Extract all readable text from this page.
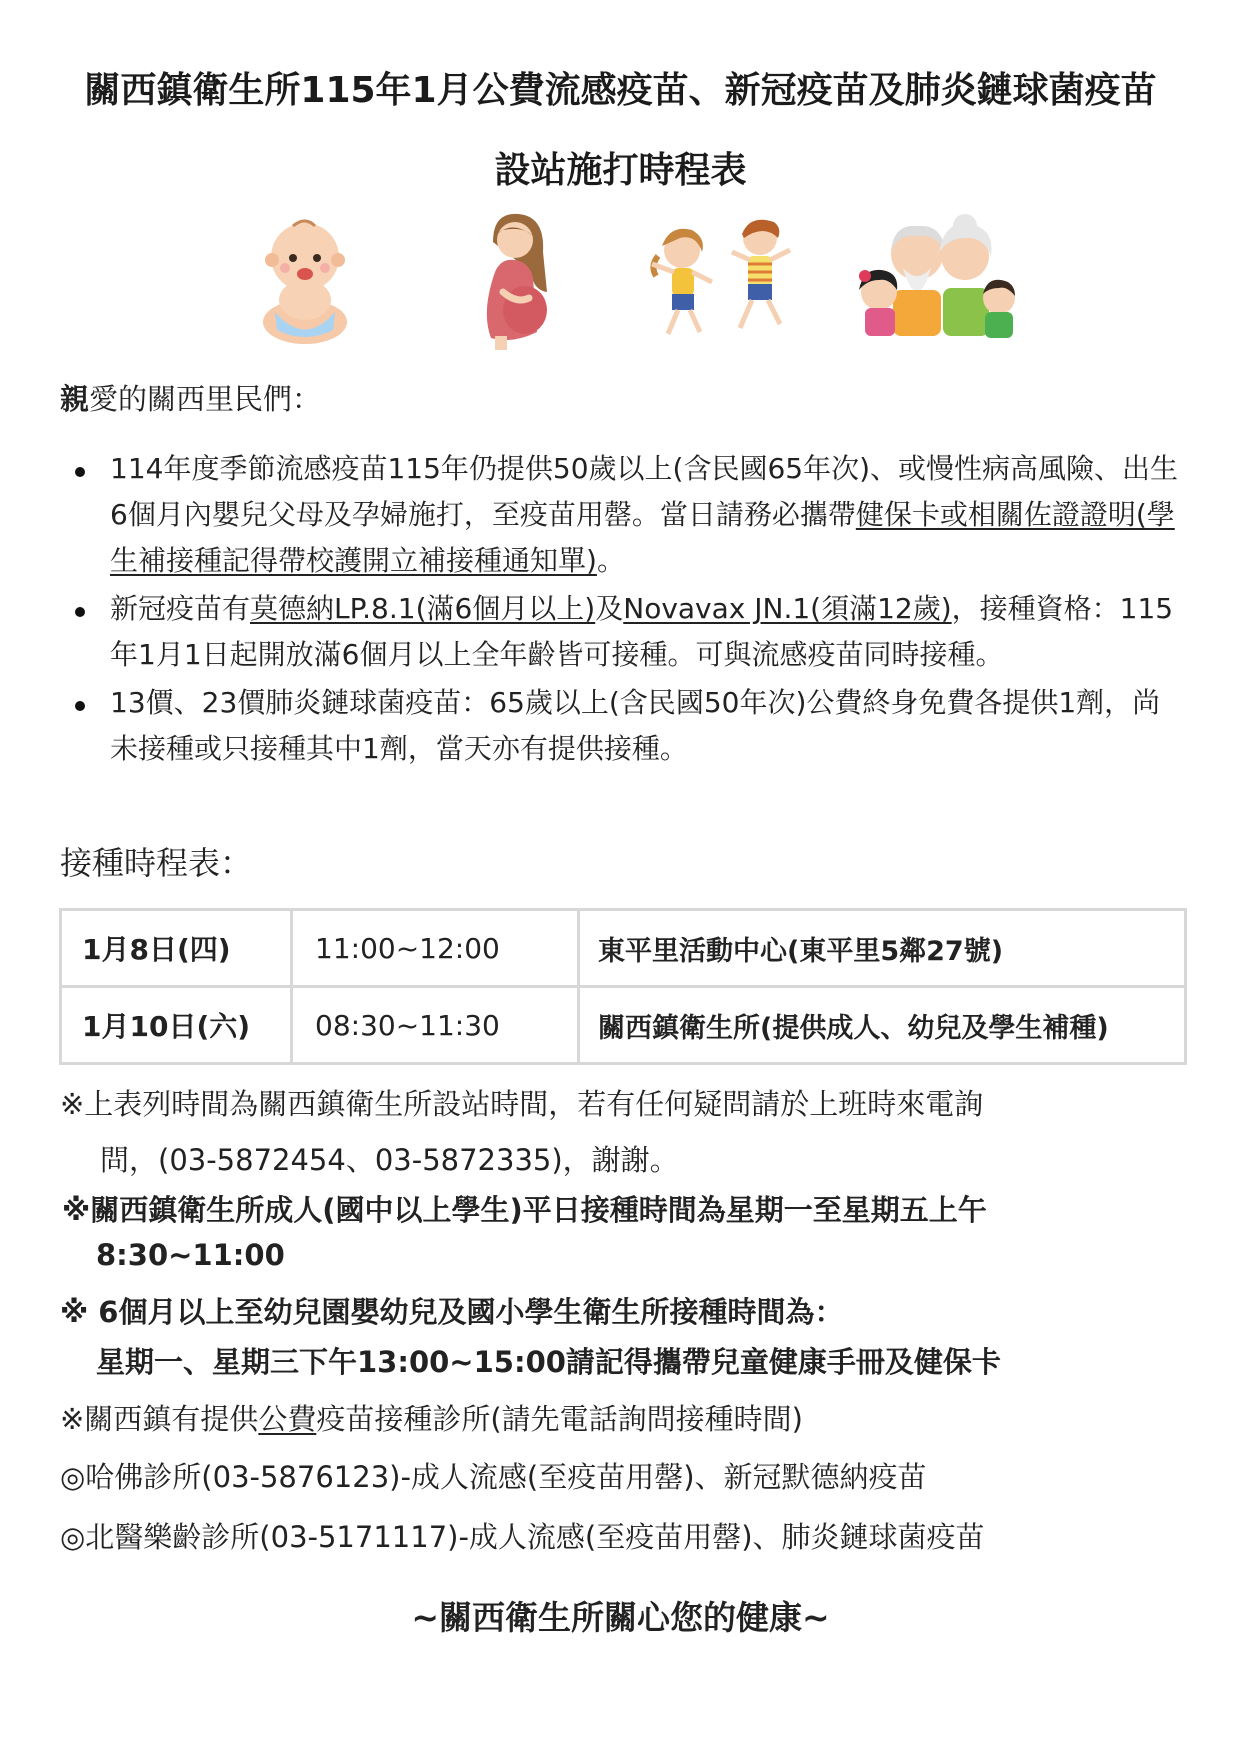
關西鎮衛生所115年1月公費流感疫苗、新冠疫苗及肺炎鏈球菌疫苗
設站施打時程表
親愛的關西里民們：
114年度季節流感疫苗115年仍提供50歲以上(含民國65年次)、或慢性病高風險、出生6個月內嬰兒父母及孕婦施打，至疫苗用罄。當日請務必攜帶健保卡或相關佐證證明(學生補接種記得帶校護開立補接種通知單)。
新冠疫苗有莫德納LP.8.1(滿6個月以上)及Novavax JN.1(須滿12歲)，接種資格：115年1月1日起開放滿6個月以上全年齡皆可接種。可與流感疫苗同時接種。
13價、23價肺炎鏈球菌疫苗：65歲以上(含民國50年次)公費終身免費各提供1劑，尚未接種或只接種其中1劑，當天亦有提供接種。
接種時程表：
1月8日(四)	11:00~12:00	東平里活動中心(東平里5鄰27號)
1月10日(六)	08:30~11:30	關西鎮衛生所(提供成人、幼兒及學生補種)
※上表列時間為關西鎮衛生所設站時間，若有任何疑問請於上班時來電詢
問，(03-5872454、03-5872335)，謝謝。
※關西鎮衛生所成人(國中以上學生)平日接種時間為星期一至星期五上午
8:30~11:00
※ 6個月以上至幼兒園嬰幼兒及國小學生衛生所接種時間為：
星期一、星期三下午13:00~15:00請記得攜帶兒童健康手冊及健保卡
※關西鎮有提供公費疫苗接種診所(請先電話詢問接種時間)
◎哈佛診所(03-5876123)-成人流感(至疫苗用罄)、新冠默德納疫苗
◎北醫樂齡診所(03-5171117)-成人流感(至疫苗用罄)、肺炎鏈球菌疫苗
~關西衛生所關心您的健康~
